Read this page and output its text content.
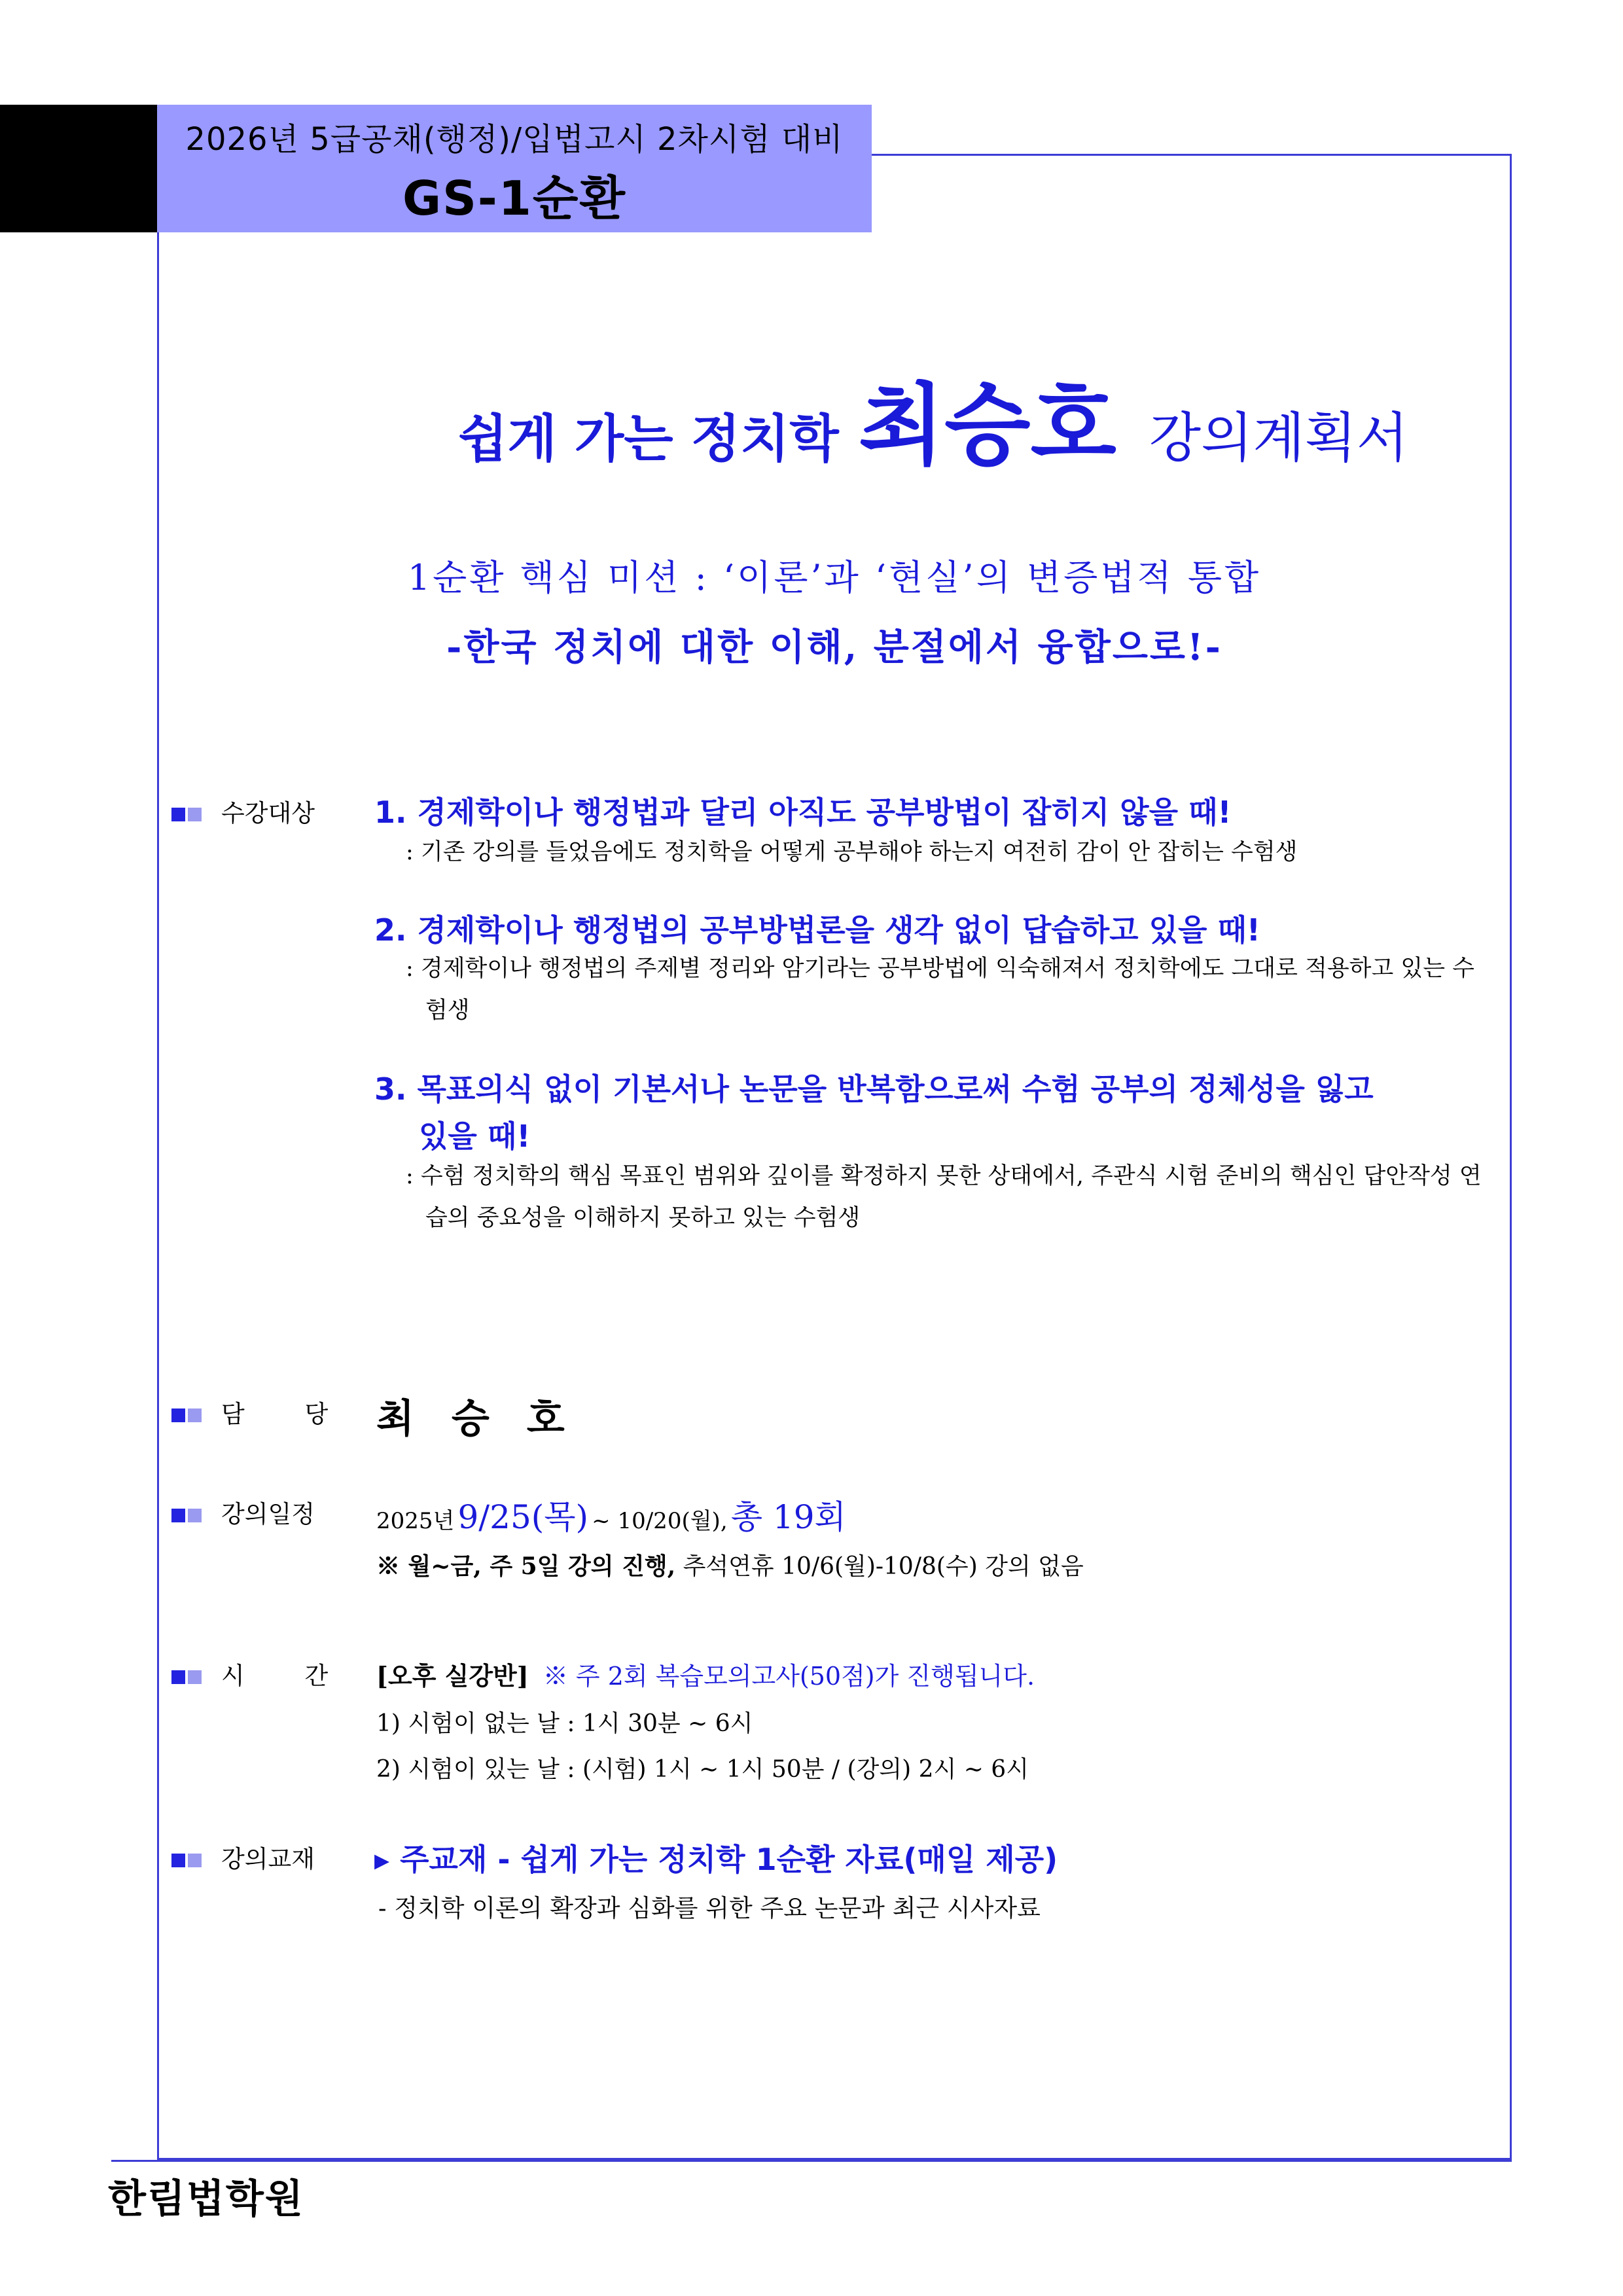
2026년 5급공채(행정)/입법고시 2차시험 대비
GS-1순환
쉽게 가는 정치학 최승호 강의계획서
1순환 핵심 미션 : ‘이론’과 ‘현실’의 변증법적 통합
-한국 정치에 대한 이해, 분절에서 융합으로!-
수강대상 1. 경제학이나 행정법과 달리 아직도 공부방법이 잡히지 않을 때!
: 기존 강의를 들었음에도 정치학을 어떻게 공부해야 하는지 여전히 감이 안 잡히는 수험생
2. 경제학이나 행정법의 공부방법론을 생각 없이 답습하고 있을 때!
: 경제학이나 행정법의 주제별 정리와 암기라는 공부방법에 익숙해져서 정치학에도 그대로 적용하고 있는 수험생
3. 목표의식 없이 기본서나 논문을 반복함으로써 수험 공부의 정체성을 잃고
있을 때!
: 수험 정치학의 핵심 목표인 범위와 깊이를 확정하지 못한 상태에서, 주관식 시험 준비의 핵심인 답안작성 연습의 중요성을 이해하지 못하고 있는 수험생
담 당 최 승 호
강의일정	2025년 9/25(목) ~ 10/20(월), 총 19회
※ 월~금, 주 5일 강의 진행, 추석연휴 10/6(월)-10/8(수) 강의 없음
시 간 [오후 실강반] ※ 주 2회 복습모의고사(50점)가 진행됩니다.
1) 시험이 없는 날 : 1시 30분 ~ 6시
2) 시험이 있는 날 : (시험) 1시 ~ 1시 50분 / (강의) 2시 ~ 6시
강의교재 ▸ 주교재 - 쉽게 가는 정치학 1순환 자료(매일 제공)
- 정치학 이론의 확장과 심화를 위한 주요 논문과 최근 시사자료
한림법학원
